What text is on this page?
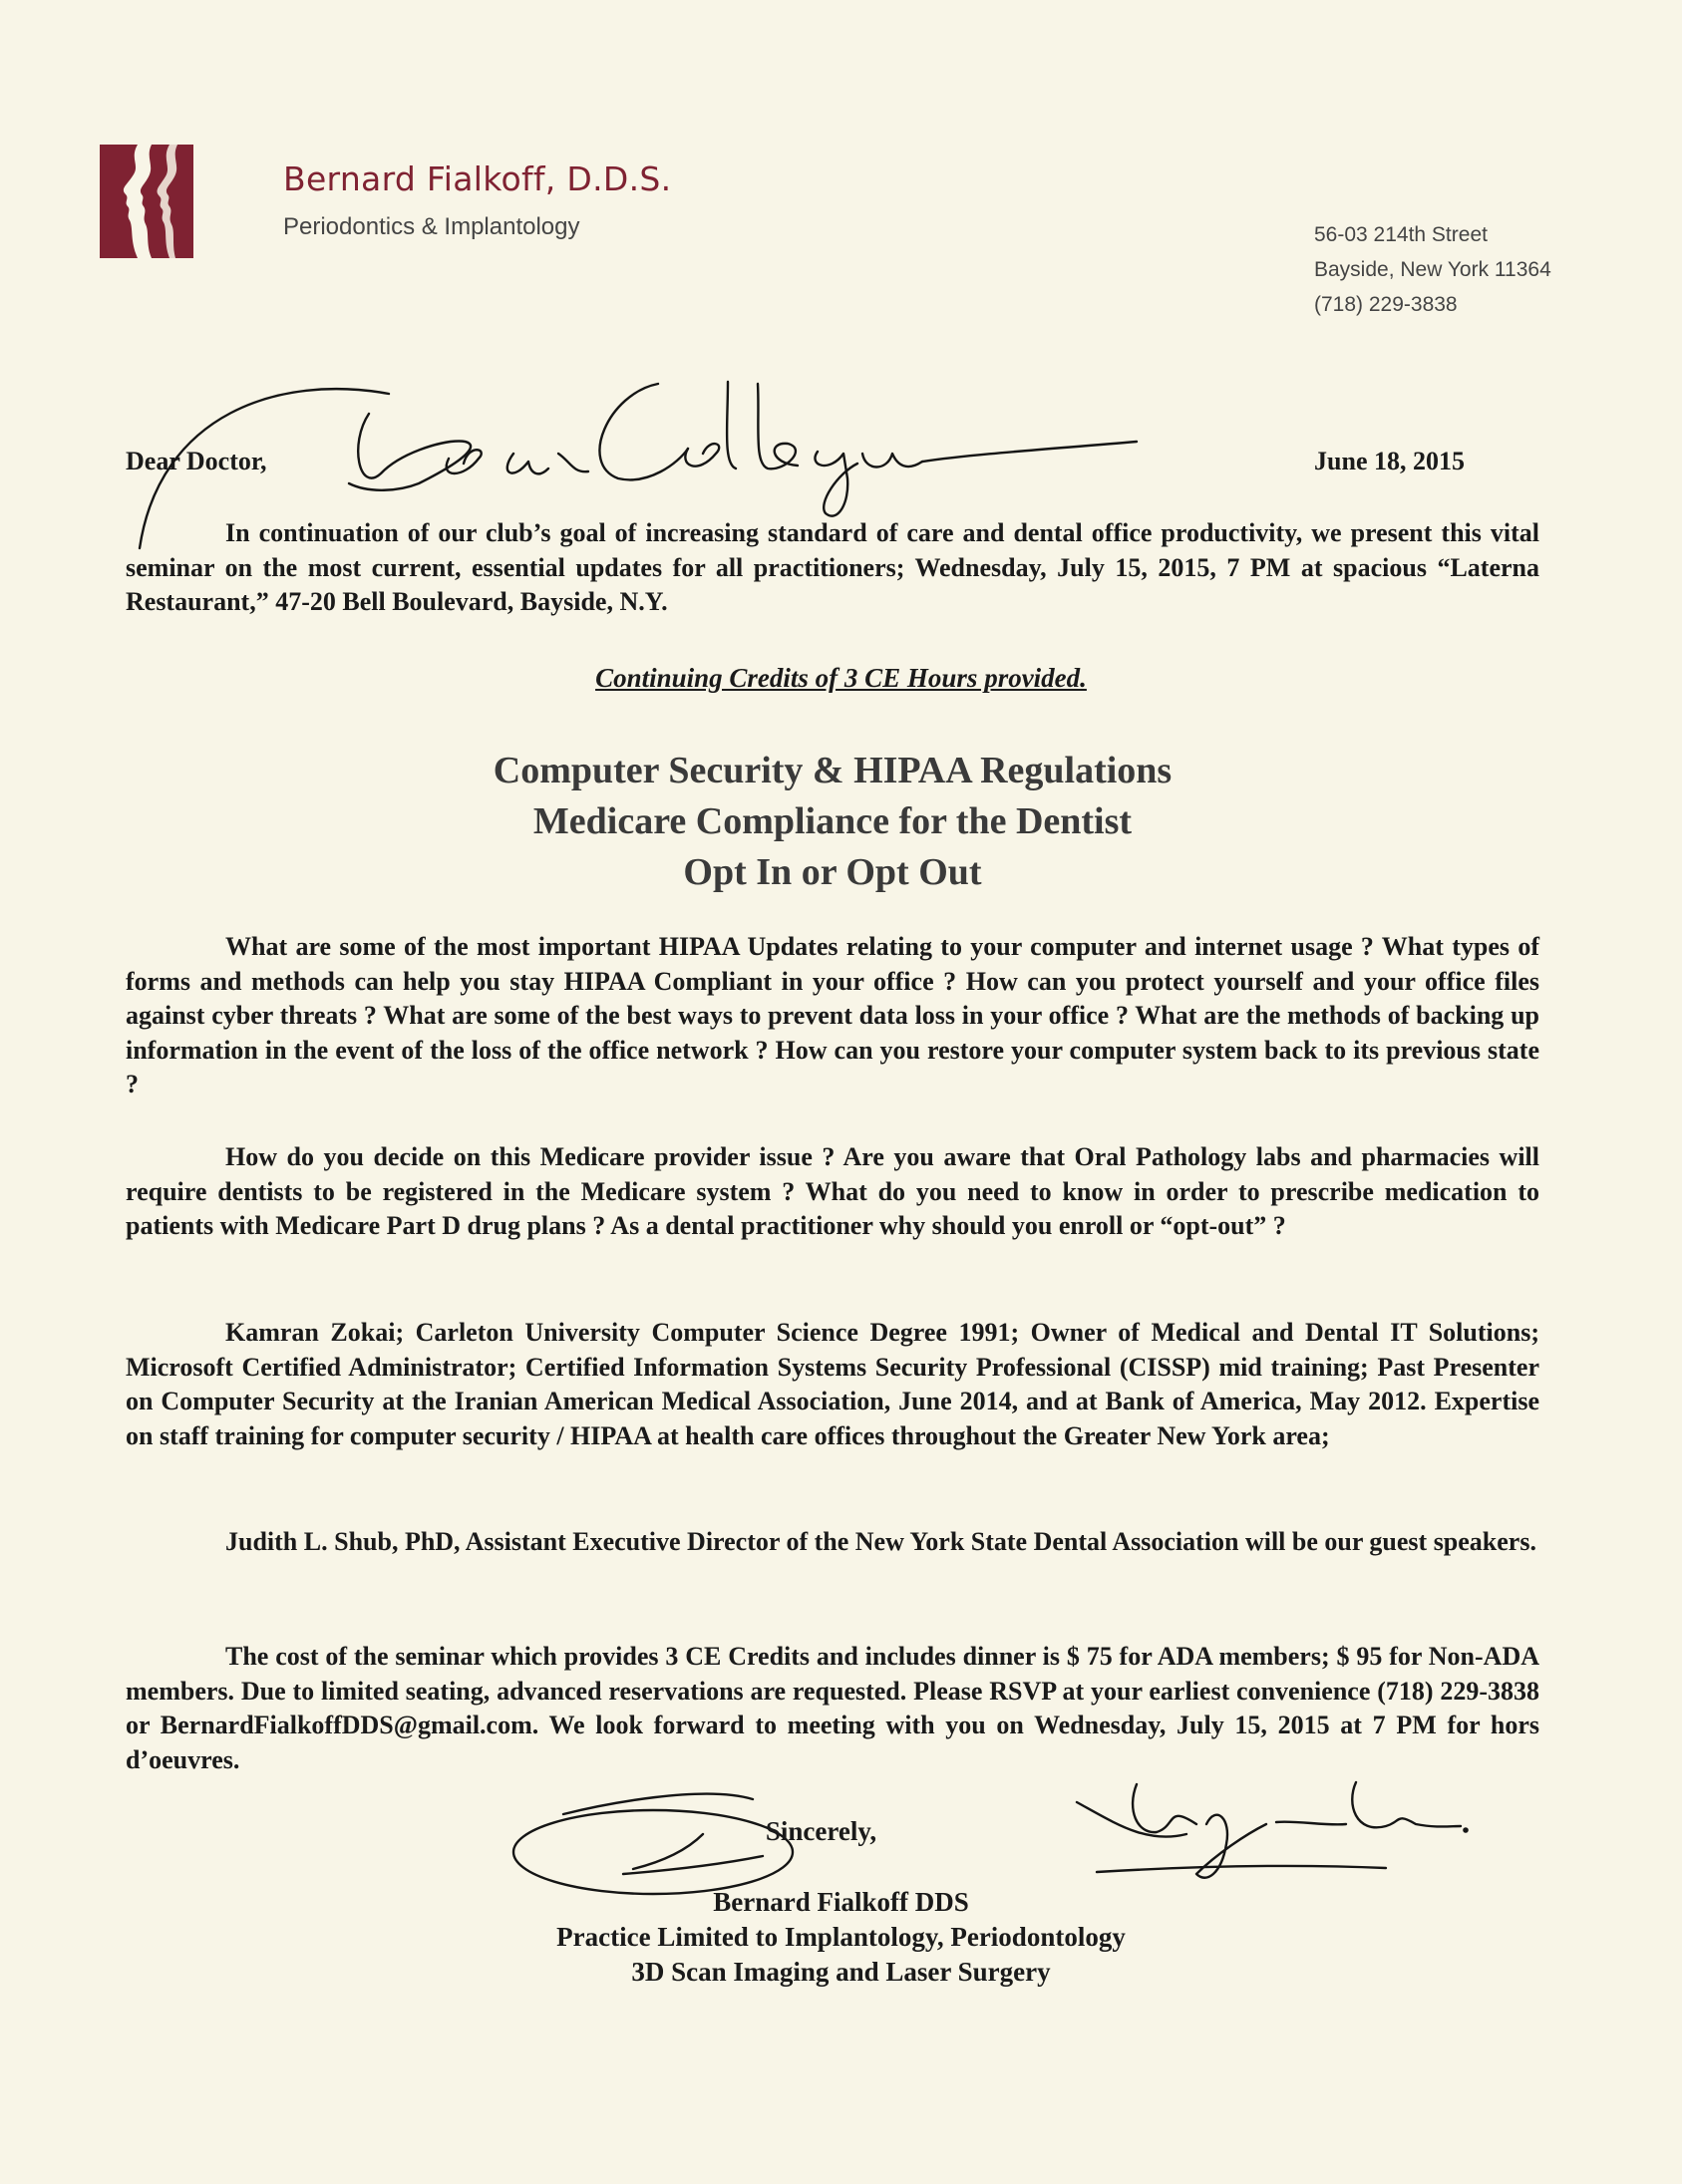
Bernard Fialkoff, D.D.S.
Periodontics & Implantology	56-03 214th Street
Bayside, New York 11364
(718) 229-3838
Dear Doctor,	June 18, 2015

In continuation of our club’s goal of increasing standard of care and dental office productivity, we present this vital seminar on the most current, essential updates for all practitioners; Wednesday, July 15, 2015, 7 PM at spacious “Laterna Restaurant,” 47-20 Bell Boulevard, Bayside, N.Y.

Continuing Credits of 3 CE Hours provided.
Computer Security & HIPAA Regulations
Medicare Compliance for the Dentist
Opt In or Opt Out

What are some of the most important HIPAA Updates relating to your computer and internet usage ? What types of forms and methods can help you stay HIPAA Compliant in your office ? How can you protect yourself and your office files against cyber threats ? What are some of the best ways to prevent data loss in your office ? What are the methods of backing up information in the event of the loss of the office network ? How can you restore your computer system back to its previous state ?

How do you decide on this Medicare provider issue ? Are you aware that Oral Pathology labs and pharmacies will require dentists to be registered in the Medicare system ? What do you need to know in order to prescribe medication to patients with Medicare Part D drug plans ? As a dental practitioner why should you enroll or “opt-out” ?

Kamran Zokai; Carleton University Computer Science Degree 1991; Owner of Medical and Dental IT Solutions; Microsoft Certified Administrator; Certified Information Systems Security Professional (CISSP) mid training; Past Presenter on Computer Security at the Iranian American Medical Association, June 2014, and at Bank of America, May 2012. Expertise on staff training for computer security / HIPAA at health care offices throughout the Greater New York area;

Judith L. Shub, PhD, Assistant Executive Director of the New York State Dental Association will be our guest speakers.

The cost of the seminar which provides 3 CE Credits and includes dinner is $ 75 for ADA members; $ 95 for Non-ADA members. Due to limited seating, advanced reservations are requested. Please RSVP at your earliest convenience (718) 229-3838 or BernardFialkoffDDS@gmail.com. We look forward to meeting with you on Wednesday, July 15, 2015 at 7 PM for hors d’oeuvres.

Sincerely,
Bernard Fialkoff DDS
Practice Limited to Implantology, Periodontology
3D Scan Imaging and Laser Surgery
